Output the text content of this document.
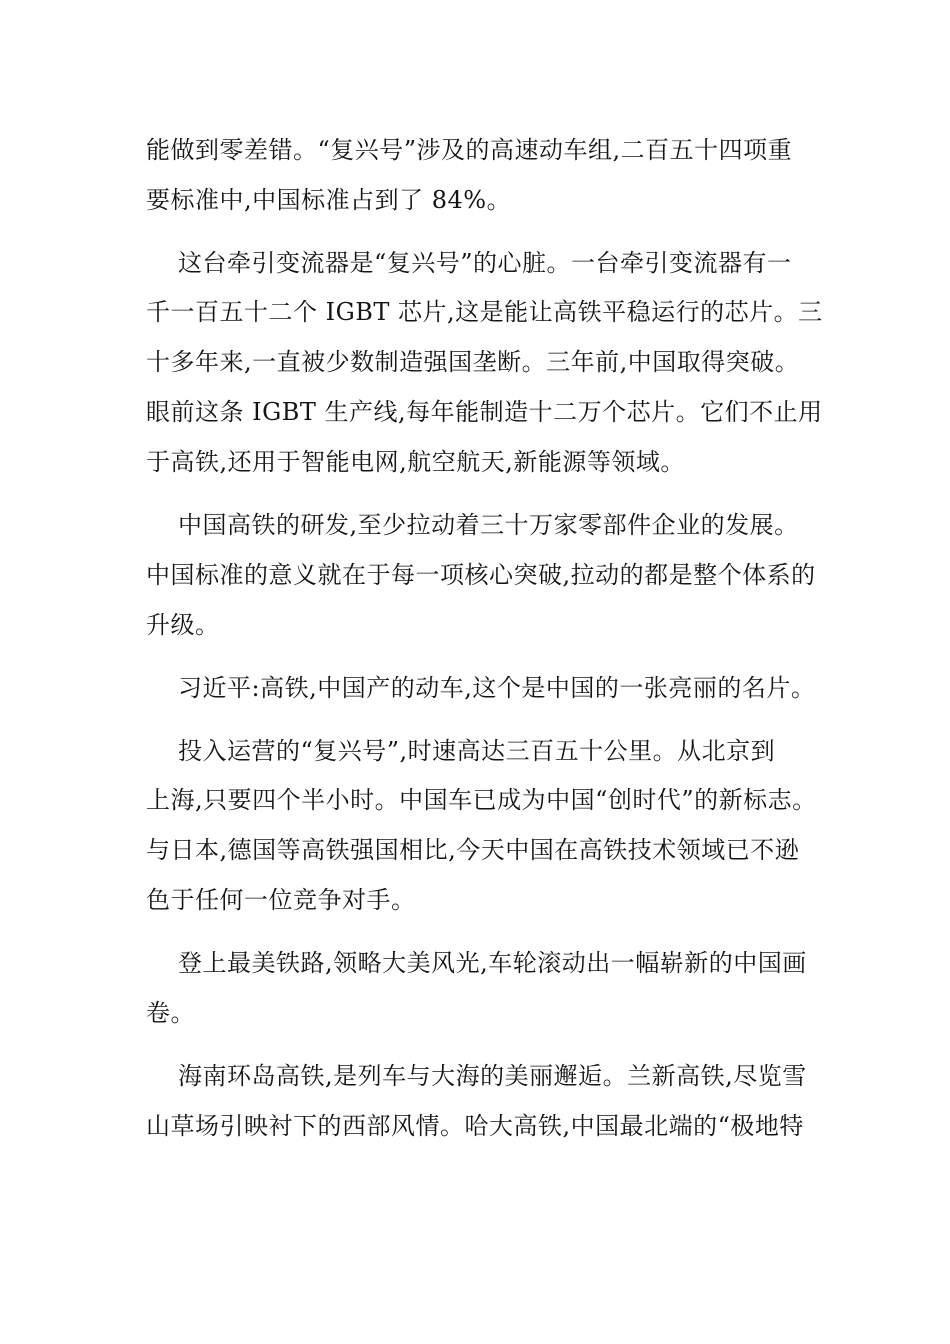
能做到零差错。“复兴号”涉及的高速动车组,二百五十四项重

要标准中,中国标准占到了 84%。

这台牵引变流器是“复兴号”的心脏。一台牵引变流器有一

千一百五十二个 IGBT 芯片,这是能让高铁平稳运行的芯片。三

十多年来,一直被少数制造强国垄断。三年前,中国取得突破。

眼前这条 IGBT 生产线,每年能制造十二万个芯片。它们不止用

于高铁,还用于智能电网,航空航天,新能源等领域。

中国高铁的研发,至少拉动着三十万家零部件企业的发展。

中国标准的意义就在于每一项核心突破,拉动的都是整个体系的

升级。

习近平:高铁,中国产的动车,这个是中国的一张亮丽的名片。

投入运营的“复兴号”,时速高达三百五十公里。从北京到

上海,只要四个半小时。中国车已成为中国“创时代”的新标志。

与日本,德国等高铁强国相比,今天中国在高铁技术领域已不逊

色于任何一位竞争对手。

登上最美铁路,领略大美风光,车轮滚动出一幅崭新的中国画

卷。

海南环岛高铁,是列车与大海的美丽邂逅。兰新高铁,尽览雪

山草场引映衬下的西部风情。哈大高铁,中国最北端的“极地特
